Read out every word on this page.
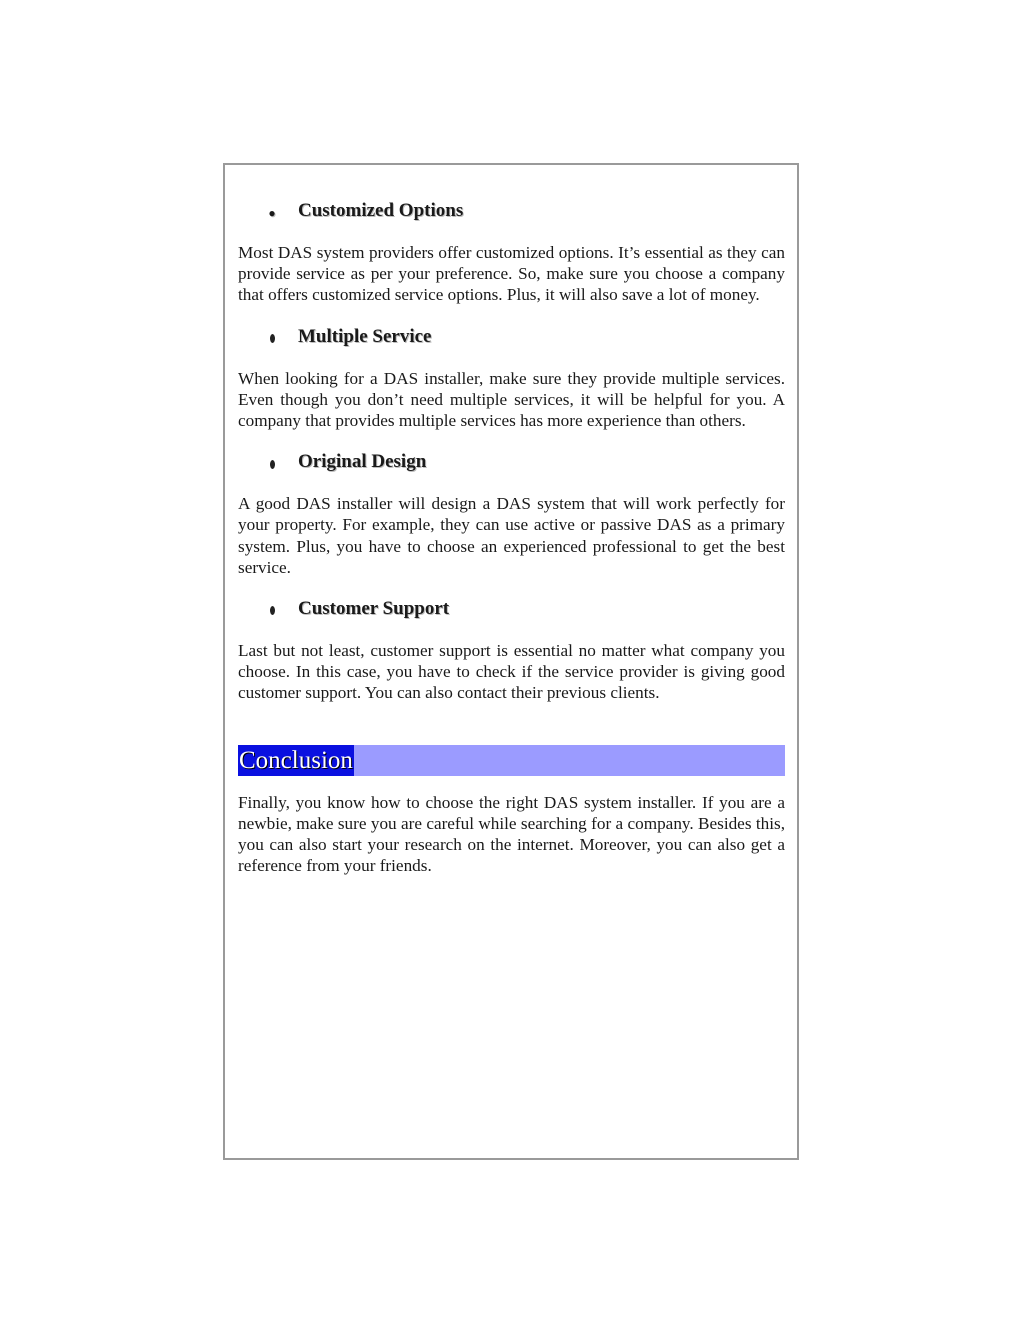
●
Customized Options

Most DAS system providers offer customized options. It’s essential as they can provide service as per your preference. So, make sure you choose a company that offers customized service options. Plus, it will also save a lot of money.

Multiple Service

When looking for a DAS installer, make sure they provide multiple services. Even though you don’t need multiple services, it will be helpful for you. A company that provides multiple services has more experience than others.

Original Design

A good DAS installer will design a DAS system that will work perfectly for your property. For example, they can use active or passive DAS as a primary system. Plus, you have to choose an experienced professional to get the best service.

Customer Support

Last but not least, customer support is essential no matter what company you choose. In this case, you have to check if the service provider is giving good customer support. You can also contact their previous clients.

Conclusion

Finally, you know how to choose the right DAS system installer. If you are a newbie, make sure you are careful while searching for a company. Besides this, you can also start your research on the internet. Moreover, you can also get a reference from your friends.
